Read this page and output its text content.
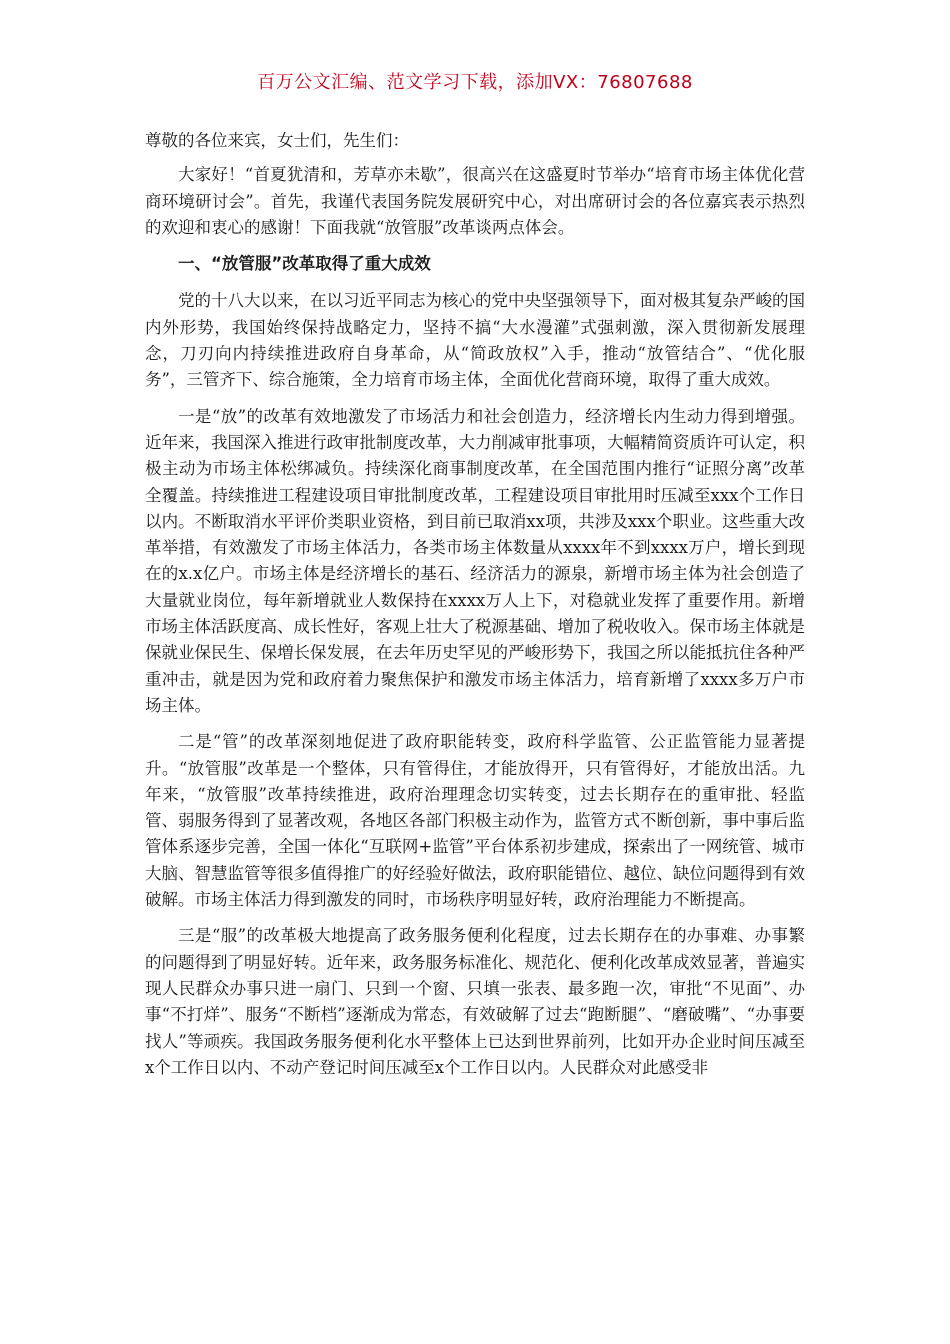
百万公文汇编、范文学习下载，添加VX：76807688

尊敬的各位来宾，女士们，先生们：

大家好！“首夏犹清和，芳草亦未歇”，很高兴在这盛夏时节举办“培育市场主体优化营商环境研讨会”。首先，我谨代表国务院发展研究中心，对出席研讨会的各位嘉宾表示热烈的欢迎和衷心的感谢！下面我就“放管服”改革谈两点体会。

一、“放管服”改革取得了重大成效

党的十八大以来，在以习近平同志为核心的党中央坚强领导下，面对极其复杂严峻的国内外形势，我国始终保持战略定力，坚持不搞“大水漫灌”式强刺激，深入贯彻新发展理念，刀刃向内持续推进政府自身革命，从“简政放权”入手，推动“放管结合”、“优化服务”，三管齐下、综合施策，全力培育市场主体，全面优化营商环境，取得了重大成效。

一是“放”的改革有效地激发了市场活力和社会创造力，经济增长内生动力得到增强。近年来，我国深入推进行政审批制度改革，大力削减审批事项，大幅精简资质许可认定，积极主动为市场主体松绑减负。持续深化商事制度改革，在全国范围内推行“证照分离”改革全覆盖。持续推进工程建设项目审批制度改革，工程建设项目审批用时压减至xxx个工作日以内。不断取消水平评价类职业资格，到目前已取消xx项，共涉及xxx个职业。这些重大改革举措，有效激发了市场主体活力，各类市场主体数量从xxxx年不到xxxx万户，增长到现在的x.x亿户。市场主体是经济增长的基石、经济活力的源泉，新增市场主体为社会创造了大量就业岗位，每年新增就业人数保持在xxxx万人上下，对稳就业发挥了重要作用。新增市场主体活跃度高、成长性好，客观上壮大了税源基础、增加了税收收入。保市场主体就是保就业保民生、保増长保发展，在去年历史罕见的严峻形势下，我国之所以能抵抗住各种严重冲击，就是因为党和政府着力聚焦保护和激发市场主体活力，培育新增了xxxx多万户市场主体。

二是“管”的改革深刻地促进了政府职能转变，政府科学监管、公正监管能力显著提升。“放管服”改革是一个整体，只有管得住，才能放得开，只有管得好，才能放出活。九年来，“放管服”改革持续推进，政府治理理念切实转变，过去长期存在的重审批、轻监管、弱服务得到了显著改观，各地区各部门积极主动作为，监管方式不断创新，事中事后监管体系逐步完善，全国一体化“互联网+监管”平台体系初步建成，探索出了一网统管、城市大脑、智慧监管等很多值得推广的好经验好做法，政府职能错位、越位、缺位问题得到有效破解。市场主体活力得到激发的同时，市场秩序明显好转，政府治理能力不断提高。

三是“服”的改革极大地提高了政务服务便利化程度，过去长期存在的办事难、办事繁的问题得到了明显好转。近年来，政务服务标准化、规范化、便利化改革成效显著，普遍实现人民群众办事只进一扇门、只到一个窗、只填一张表、最多跑一次，审批“不见面”、办事“不打烊”、服务“不断档”逐渐成为常态，有效破解了过去“跑断腿”、“磨破嘴”、“办事要找人”等顽疾。我国政务服务便利化水平整体上已达到世界前列，比如开办企业时间压减至x个工作日以内、不动产登记时间压减至x个工作日以内。人民群众对此感受非
